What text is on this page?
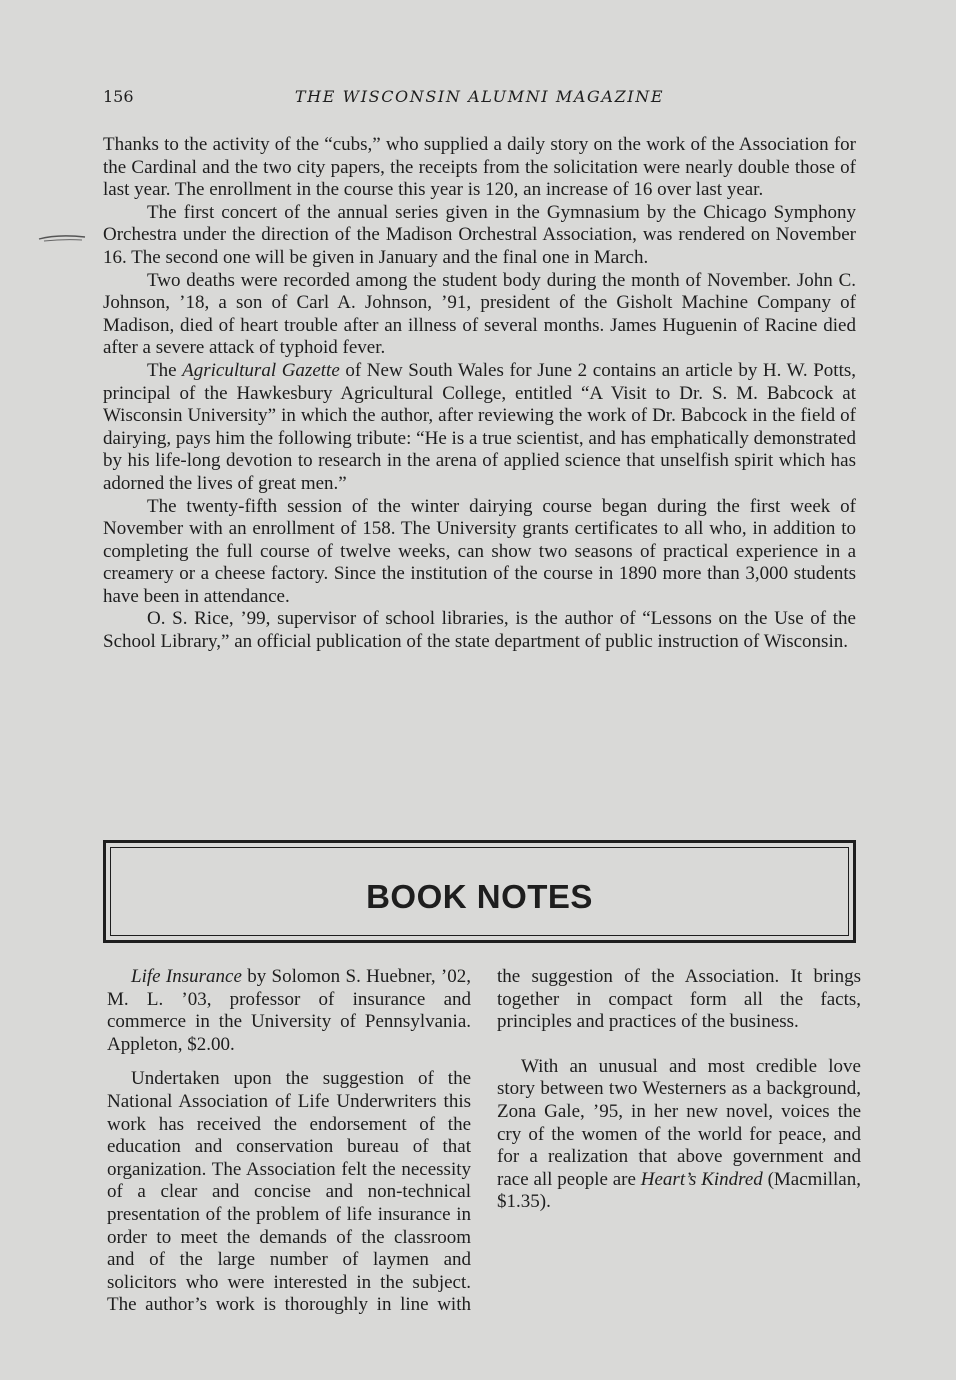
156	THE WISCONSIN ALUMNI MAGAZINE

Thanks to the activity of the “cubs,” who supplied a daily story on the work of the Association for the Cardinal and the two city papers, the receipts from the solicitation were nearly double those of last year. The enrollment in the course this year is 120, an increase of 16 over last year.

The first concert of the annual series given in the Gymnasium by the Chicago Symphony Orchestra under the direction of the Madison Orchestral Association, was rendered on November 16. The second one will be given in January and the final one in March.

Two deaths were recorded among the student body during the month of November. John C. Johnson, ’18, a son of Carl A. Johnson, ’91, president of the Gisholt Machine Company of Madison, died of heart trouble after an illness of several months. James Huguenin of Racine died after a severe attack of typhoid fever.

The Agricultural Gazette of New South Wales for June 2 contains an article by H. W. Potts, principal of the Hawkesbury Agricultural College, entitled “A Visit to Dr. S. M. Babcock at Wisconsin University” in which the author, after reviewing the work of Dr. Babcock in the field of dairying, pays him the following tribute: “He is a true scientist, and has emphatically demonstrated by his life-long devotion to research in the arena of applied science that unselfish spirit which has adorned the lives of great men.”

The twenty-fifth session of the winter dairying course began during the first week of November with an enrollment of 158. The University grants certificates to all who, in addition to completing the full course of twelve weeks, can show two seasons of practical experience in a creamery or a cheese factory. Since the institution of the course in 1890 more than 3,000 students have been in attendance.

O. S. Rice, ’99, supervisor of school libraries, is the author of “Lessons on the Use of the School Library,” an official publication of the state department of public instruction of Wisconsin.

BOOK NOTES

Life Insurance by Solomon S. Huebner, ’02, M. L. ’03, professor of insurance and commerce in the University of Pennsylvania. Appleton, $2.00.

Undertaken upon the suggestion of the National Association of Life Underwriters this work has received the endorsement of the education and conservation bureau of that organization. The Association felt the necessity of a clear and concise and non-technical presentation of the problem of life insurance in order to meet the demands of the classroom and of the large number of laymen and solicitors who were interested in the subject. The author’s work is thoroughly in line with

the suggestion of the Association. It brings together in compact form all the facts, principles and practices of the business.

With an unusual and most credible love story between two Westerners as a background, Zona Gale, ’95, in her new novel, voices the cry of the women of the world for peace, and for a realization that above government and race all people are Heart’s Kindred (Macmillan, $1.35).
